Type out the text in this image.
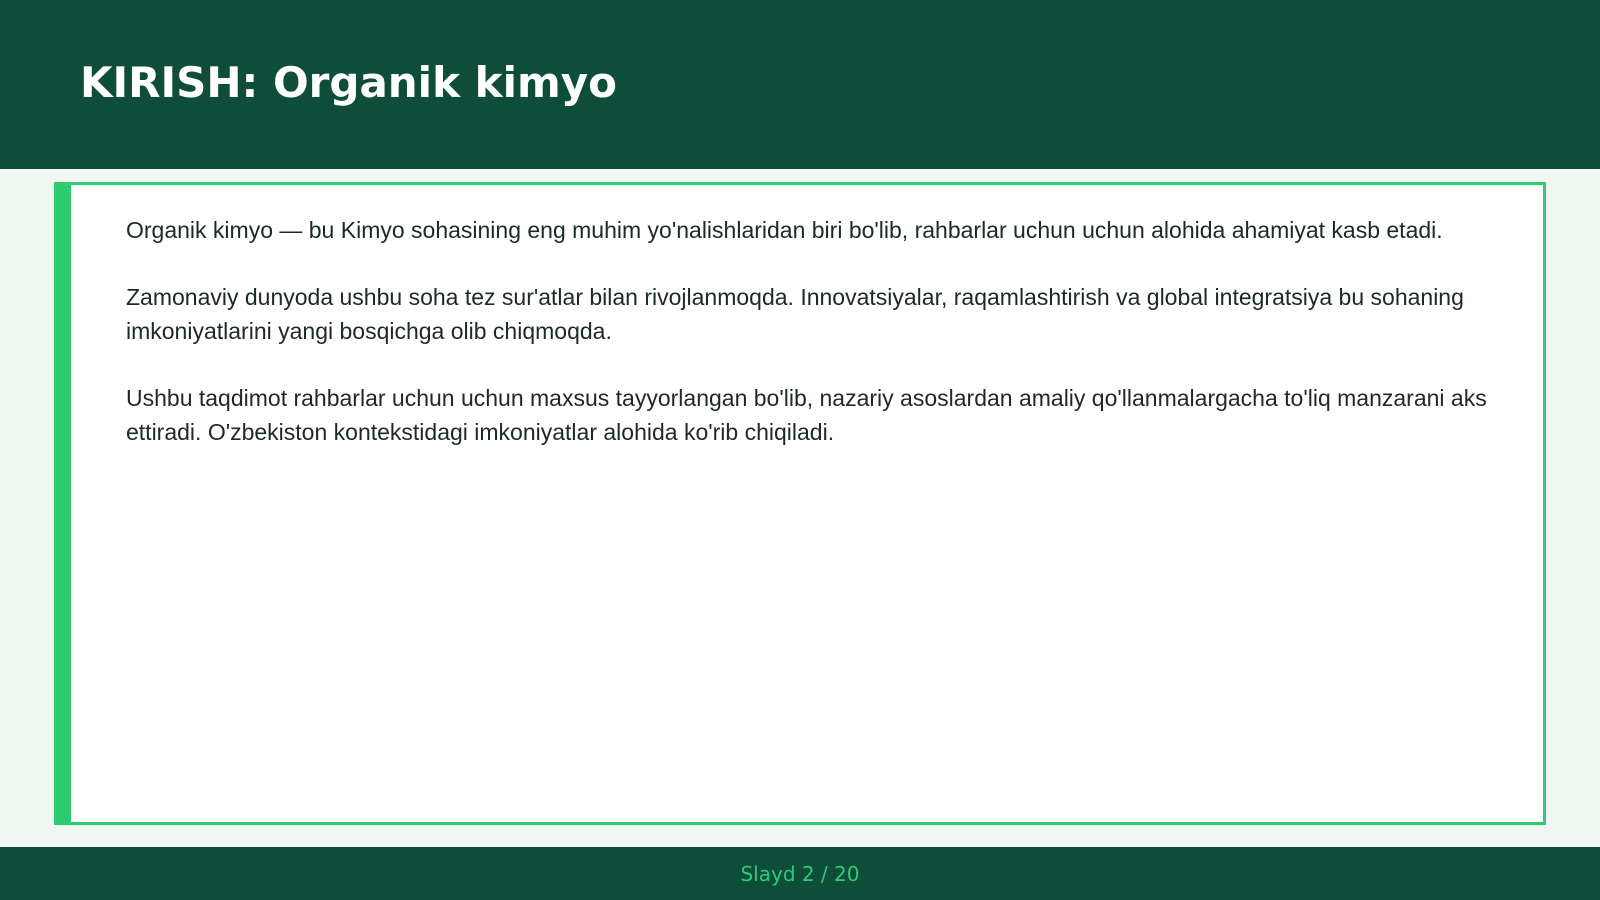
KIRISH: Organik kimyo

Organik kimyo — bu Kimyo sohasining eng muhim yo'nalishlaridan biri bo'lib, rahbarlar uchun uchun alohida ahamiyat kasb etadi.

Zamonaviy dunyoda ushbu soha tez sur'atlar bilan rivojlanmoqda. Innovatsiyalar, raqamlashtirish va global integratsiya bu sohaning imkoniyatlarini yangi bosqichga olib chiqmoqda.

Ushbu taqdimot rahbarlar uchun uchun maxsus tayyorlangan bo'lib, nazariy asoslardan amaliy qo'llanmalargacha to'liq manzarani aks ettiradi. O'zbekiston kontekstidagi imkoniyatlar alohida ko'rib chiqiladi.

Slayd 2 / 20
